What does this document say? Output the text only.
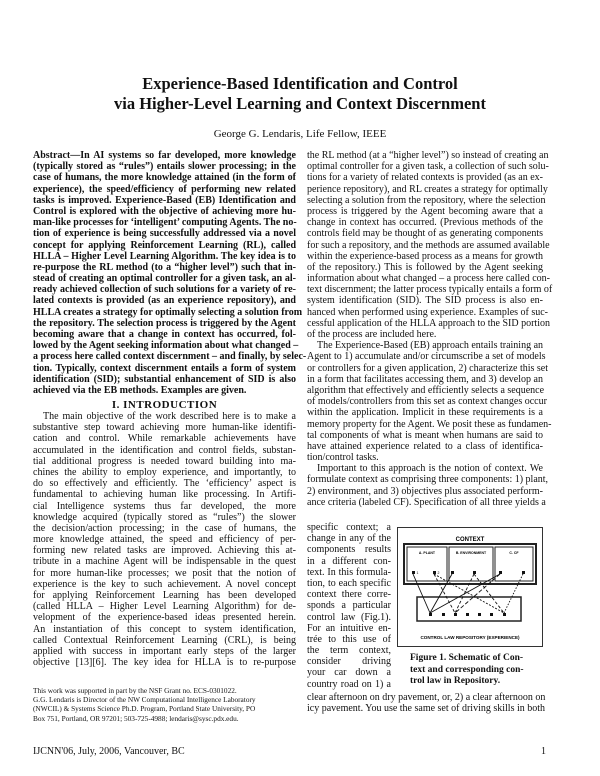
Experience-Based Identification and Control
via Higher-Level Learning and Context Discernment
George G. Lendaris, Life Fellow, IEEE
Abstract—In AI systems so far developed, more knowledge
(typically stored as “rules”) entails slower processing; in the
case of humans, the more knowledge attained (in the form of
experience), the speed/efficiency of performing new related
tasks is improved. Experience-Based (EB) Identification and
Control is explored with the objective of achieving more hu-
man-like processes for ‘intelligent’ computing Agents. The no-
tion of experience is being successfully addressed via a novel
concept for applying Reinforcement Learning (RL), called
HLLA – Higher Level Learning Algorithm. The key idea is to
re-purpose the RL method (to a “higher level”) such that in-
stead of creating an optimal controller for a given task, an al-
ready achieved collection of such solutions for a variety of re-
lated contexts is provided (as an experience repository), and
HLLA creates a strategy for optimally selecting a solution from
the repository. The selection process is triggered by the Agent
becoming aware that a change in context has occurred, fol-
lowed by the Agent seeking information about what changed –
a process here called context discernment – and finally, by selec-
tion. Typically, context discernment entails a form of system
identification (SID); substantial enhancement of SID is also
achieved via the EB methods. Examples are given.
I. INTRODUCTION
The main objective of the work described here is to make a
substantive step toward achieving more human-like identifi-
cation and control. While remarkable achievements have
accumulated in the identification and control fields, substan-
tial additional progress is needed toward building into ma-
chines the ability to employ experience, and importantly, to
do so effectively and efficiently. The ‘efficiency’ aspect is
fundamental to achieving human like processing. In Artifi-
cial Intelligence systems thus far developed, the more
knowledge acquired (typically stored as “rules”) the slower
the decision/action processing; in the case of humans, the
more knowledge attained, the speed and efficiency of per-
forming new related tasks are improved. Achieving this at-
tribute in a machine Agent will be indispensable in the quest
for more human-like processes; we posit that the notion of
experience is the key to such achievement. A novel concept
for applying Reinforcement Learning has been developed
(called HLLA – Higher Level Learning Algorithm) for de-
velopment of the experience-based ideas presented herein.
An instantiation of this concept to system identification,
called Contextual Reinforcement Learning (CRL), is being
applied with success in important early steps of the larger
objective [13][6]. The key idea for HLLA is to re-purpose
the RL method (at a “higher level”) so instead of creating an
optimal controller for a given task, a collection of such solu-
tions for a variety of related contexts is provided (as an ex-
perience repository), and RL creates a strategy for optimally
selecting a solution from the repository, where the selection
process is triggered by the Agent becoming aware that a
change in context has occurred. (Previous methods of the
controls field may be thought of as generating components
for such a repository, and the methods are assumed available
within the experience-based process as a means for growth
of the repository.) This is followed by the Agent seeking
information about what changed – a process here called con-
text discernment; the latter process typically entails a form of
system identification (SID). The SID process is also en-
hanced when performed using experience. Examples of suc-
cessful application of the HLLA approach to the SID portion
of the process are included here.
The Experience-Based (EB) approach entails training an
Agent to 1) accumulate and/or circumscribe a set of models
or controllers for a given application, 2) characterize this set
in a form that facilitates accessing them, and 3) develop an
algorithm that effectively and efficiently selects a sequence
of models/controllers from this set as context changes occur
within the application. Implicit in these requirements is a
memory property for the Agent. We posit these as fundamen-
tal components of what is meant when humans are said to
have attained experience related to a class of identifica-
tion/control tasks.
Important to this approach is the notion of context. We
formulate context as comprising three components: 1) plant,
2) environment, and 3) objectives plus associated perform-
ance criteria (labeled CF). Specification of all three yields a
specific context; a
change in any of the
components results
in a different con-
text. In this formula-
tion, to each specific
context there corre-
sponds a particular
control law (Fig.1).
For an intuitive en-
trée to this use of
the term context,
consider driving
your car down a
country road on 1) a
clear afternoon on dry pavement, or, 2) a clear afternoon on
icy pavement. You use the same set of driving skills in both
CONTEXT
A. PLANT	B. ENVIRONMENT	C. CF
1	2
CONTROL LAW REPOSITORY (EXPERIENCE)
Figure 1. Schematic of Con-
text and corresponding con-
trol law in Repository.
This work was supported in part by the NSF Grant no. ECS-0301022.
G.G. Lendaris is Director of the NW Computational Intelligence Laboratory
(NWCIL) & Systems Science Ph.D. Program, Portland State University, PO
Box 751, Portland, OR 97201; 503-725-4988; lendaris@sysc.pdx.edu.
IJCNN'06, July, 2006, Vancouver, BC	1
